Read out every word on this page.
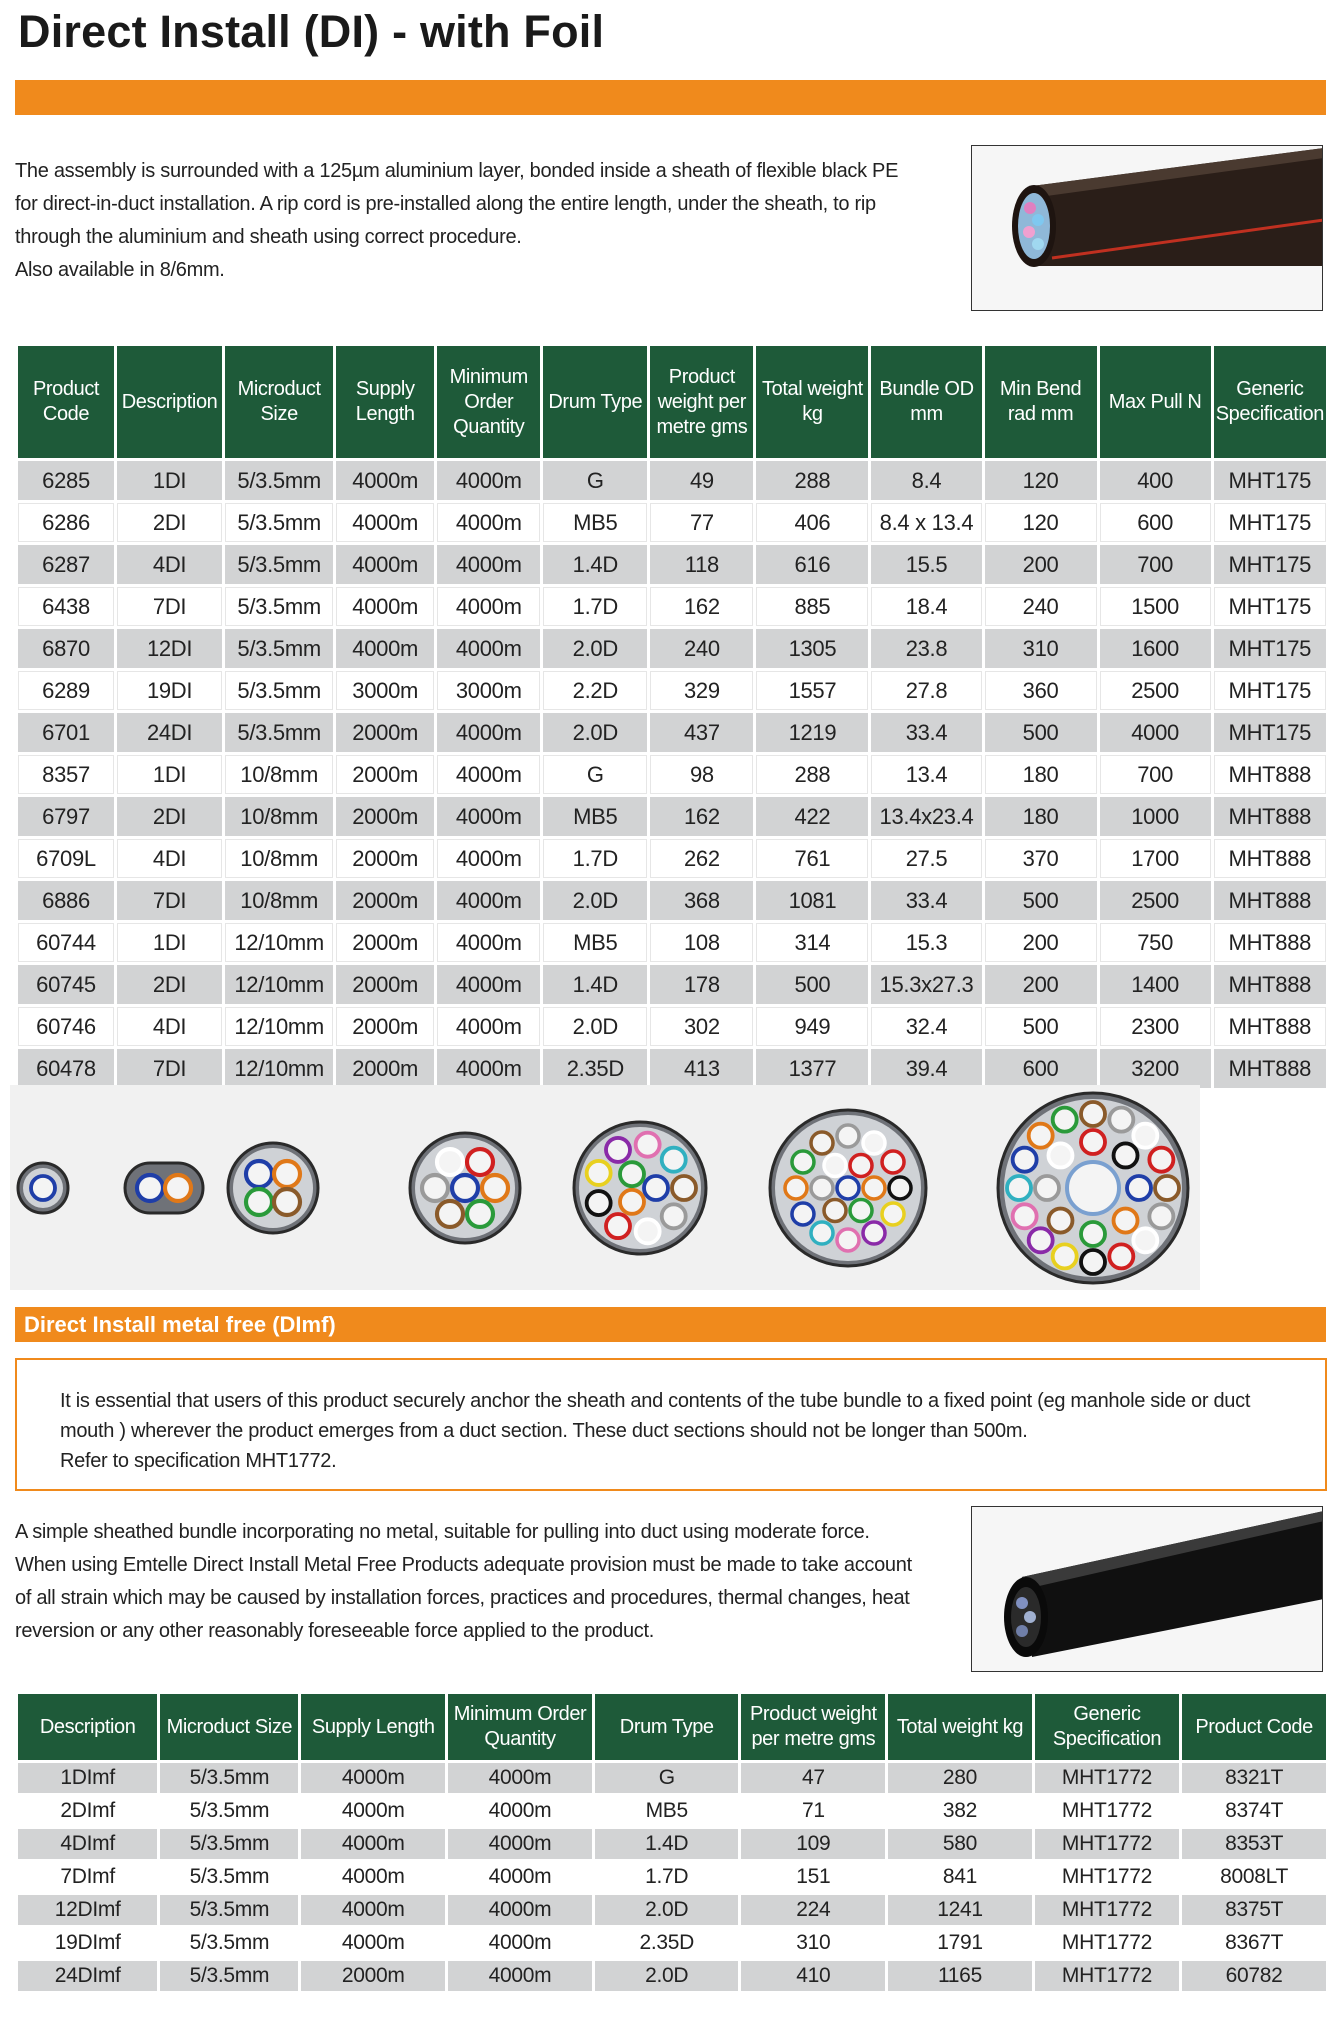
Direct Install (DI) - with Foil
The assembly is surrounded with a 125µm aluminium layer, bonded inside a sheath of flexible black PE
for direct-in-duct installation. A rip cord is pre-installed along the entire length, under the sheath, to rip
through the aluminium and sheath using correct procedure.
Also available in 8/6mm.
Product Code	Description	Microduct Size	Supply Length	Minimum Order Quantity	Drum Type	Product weight per metre gms	Total weight kg	Bundle OD mm	Min Bend rad mm	Max Pull N	Generic Specification
6285	1DI	5/3.5mm	4000m	4000m	G	49	288	8.4	120	400	MHT175
6286	2DI	5/3.5mm	4000m	4000m	MB5	77	406	8.4 x 13.4	120	600	MHT175
6287	4DI	5/3.5mm	4000m	4000m	1.4D	118	616	15.5	200	700	MHT175
6438	7DI	5/3.5mm	4000m	4000m	1.7D	162	885	18.4	240	1500	MHT175
6870	12DI	5/3.5mm	4000m	4000m	2.0D	240	1305	23.8	310	1600	MHT175
6289	19DI	5/3.5mm	3000m	3000m	2.2D	329	1557	27.8	360	2500	MHT175
6701	24DI	5/3.5mm	2000m	4000m	2.0D	437	1219	33.4	500	4000	MHT175
8357	1DI	10/8mm	2000m	4000m	G	98	288	13.4	180	700	MHT888
6797	2DI	10/8mm	2000m	4000m	MB5	162	422	13.4x23.4	180	1000	MHT888
6709L	4DI	10/8mm	2000m	4000m	1.7D	262	761	27.5	370	1700	MHT888
6886	7DI	10/8mm	2000m	4000m	2.0D	368	1081	33.4	500	2500	MHT888
60744	1DI	12/10mm	2000m	4000m	MB5	108	314	15.3	200	750	MHT888
60745	2DI	12/10mm	2000m	4000m	1.4D	178	500	15.3x27.3	200	1400	MHT888
60746	4DI	12/10mm	2000m	4000m	2.0D	302	949	32.4	500	2300	MHT888
60478	7DI	12/10mm	2000m	4000m	2.35D	413	1377	39.4	600	3200	MHT888
Direct Install metal free (DImf)
It is essential that users of this product securely anchor the sheath and contents of the tube bundle to a fixed point (eg manhole side or duct
mouth ) wherever the product emerges from a duct section. These duct sections should not be longer than 500m.
Refer to specification MHT1772.
A simple sheathed bundle incorporating no metal, suitable for pulling into duct using moderate force.
When using Emtelle Direct Install Metal Free Products adequate provision must be made to take account
of all strain which may be caused by installation forces, practices and procedures, thermal changes, heat
reversion or any other reasonably foreseeable force applied to the product.
Description	Microduct Size	Supply Length	Minimum Order Quantity	Drum Type	Product weight per metre gms	Total weight kg	Generic Specification	Product Code
1DImf	5/3.5mm	4000m	4000m	G	47	280	MHT1772	8321T
2DImf	5/3.5mm	4000m	4000m	MB5	71	382	MHT1772	8374T
4DImf	5/3.5mm	4000m	4000m	1.4D	109	580	MHT1772	8353T
7DImf	5/3.5mm	4000m	4000m	1.7D	151	841	MHT1772	8008LT
12DImf	5/3.5mm	4000m	4000m	2.0D	224	1241	MHT1772	8375T
19DImf	5/3.5mm	4000m	4000m	2.35D	310	1791	MHT1772	8367T
24DImf	5/3.5mm	2000m	4000m	2.0D	410	1165	MHT1772	60782
